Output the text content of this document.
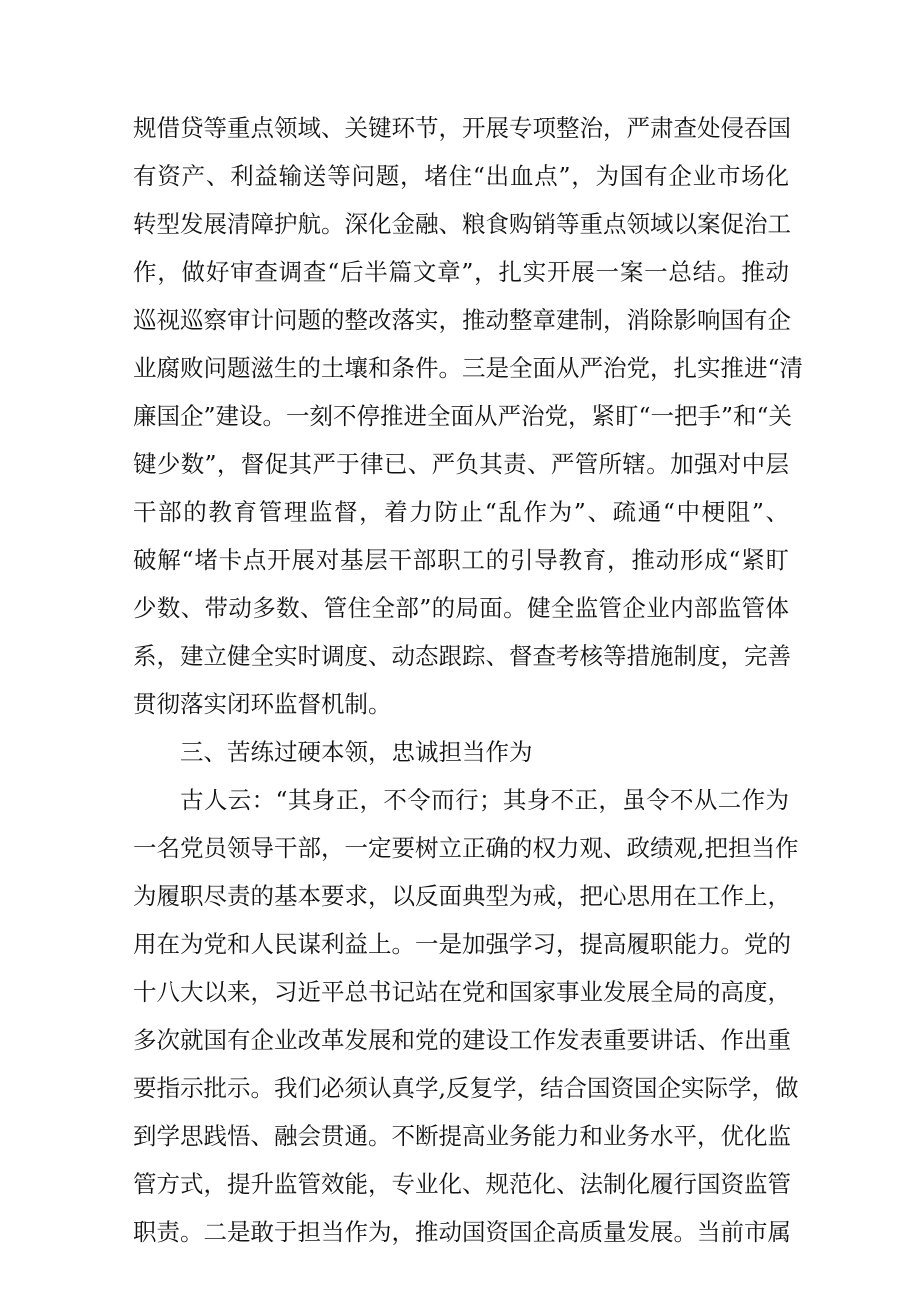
规借贷等重点领域、关键环节，开展专项整治，严肃查处侵吞国
有资产、利益输送等问题，堵住“出血点”，为国有企业市场化
转型发展清障护航。深化金融、粮食购销等重点领域以案促治工
作，做好审查调查“后半篇文章”，扎实开展一案一总结。推动
巡视巡察审计问题的整改落实，推动整章建制，消除影响国有企
业腐败问题滋生的土壤和条件。三是全面从严治党，扎实推进“清
廉国企”建设。一刻不停推进全面从严治党，紧盯“一把手”和“关
键少数”，督促其严于律已、严负其责、严管所辖。加强对中层
干部的教育管理监督，着力防止“乱作为”、疏通“中梗阻”、
破解“堵卡点开展对基层干部职工的引导教育，推动形成“紧盯
少数、带动多数、管住全部”的局面。健全监管企业内部监管体
系，建立健全实时调度、动态跟踪、督查考核等措施制度，完善
贯彻落实闭环监督机制。
三、苦练过硬本领，忠诚担当作为
古人云：“其身正，不令而行；其身不正，虽令不从二作为
一名党员领导干部，一定要树立正确的权力观、政绩观,把担当作
为履职尽责的基本要求，以反面典型为戒，把心思用在工作上，
用在为党和人民谋利益上。一是加强学习，提高履职能力。党的
十八大以来，习近平总书记站在党和国家事业发展全局的高度，
多次就国有企业改革发展和党的建设工作发表重要讲话、作出重
要指示批示。我们必须认真学,反复学，结合国资国企实际学，做
到学思践悟、融会贯通。不断提高业务能力和业务水平，优化监
管方式，提升监管效能，专业化、规范化、法制化履行国资监管
职责。二是敢于担当作为，推动国资国企高质量发展。当前市属
